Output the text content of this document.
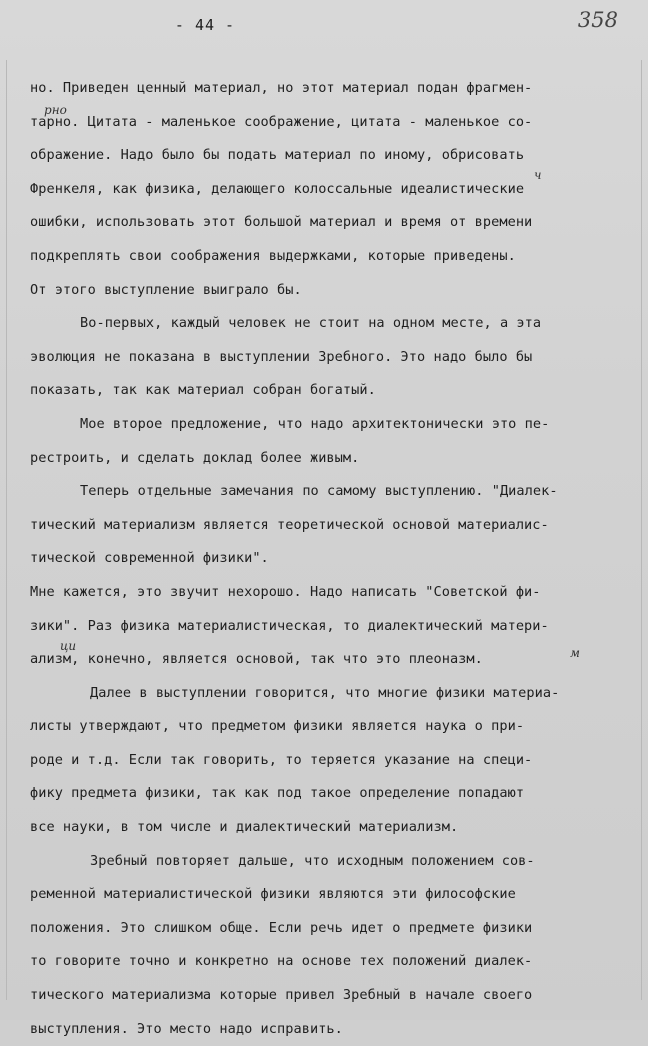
- 44 -	358
но. Приведен ценный материал, но этот материал подан фрагмен-
тарно. Цитата - маленькое соображение, цитата - маленькое со-
рно
ображение. Надо было бы подать материал по иному, обрисовать
Френкеля, как физика, делающего колоссальные идеалистические
ч
ошибки, использовать этот большой материал и время от времени
подкреплять свои соображения выдержками, которые приведены.
От этого выступление выиграло бы.
Во-первых, каждый человек не стоит на одном месте, а эта
эволюция не показана в выступлении Зребного. Это надо было бы
показать, так как материал собран богатый.
Мое второе предложение, что надо архитектонически это пе-
рестроить, и сделать доклад более живым.
Теперь отдельные замечания по самому выступлению. "Диалек-
тический материализм является теоретической основой материалис-
тической современной физики".
Мне кажется, это звучит нехорошо. Надо написать "Советской фи-
зики". Раз физика материалистическая, то диалектический матери-
ализм, конечно, является основой, так что это плеоназм.
ци	м
Далее в выступлении говорится, что многие физики материа-
листы утверждают, что предметом физики является наука о при-
роде и т.д. Если так говорить, то теряется указание на специ-
фику предмета физики, так как под такое определение попадают
все науки, в том числе и диалектический материализм.
Зребный повторяет дальше, что исходным положением сов-
ременной материалистической физики являются эти философские
положения. Это слишком обще. Если речь идет о предмете физики
то говорите точно и конкретно на основе тех положений диалек-
тического материализма которые привел Зребный в начале своего
выступления. Это место надо исправить.
